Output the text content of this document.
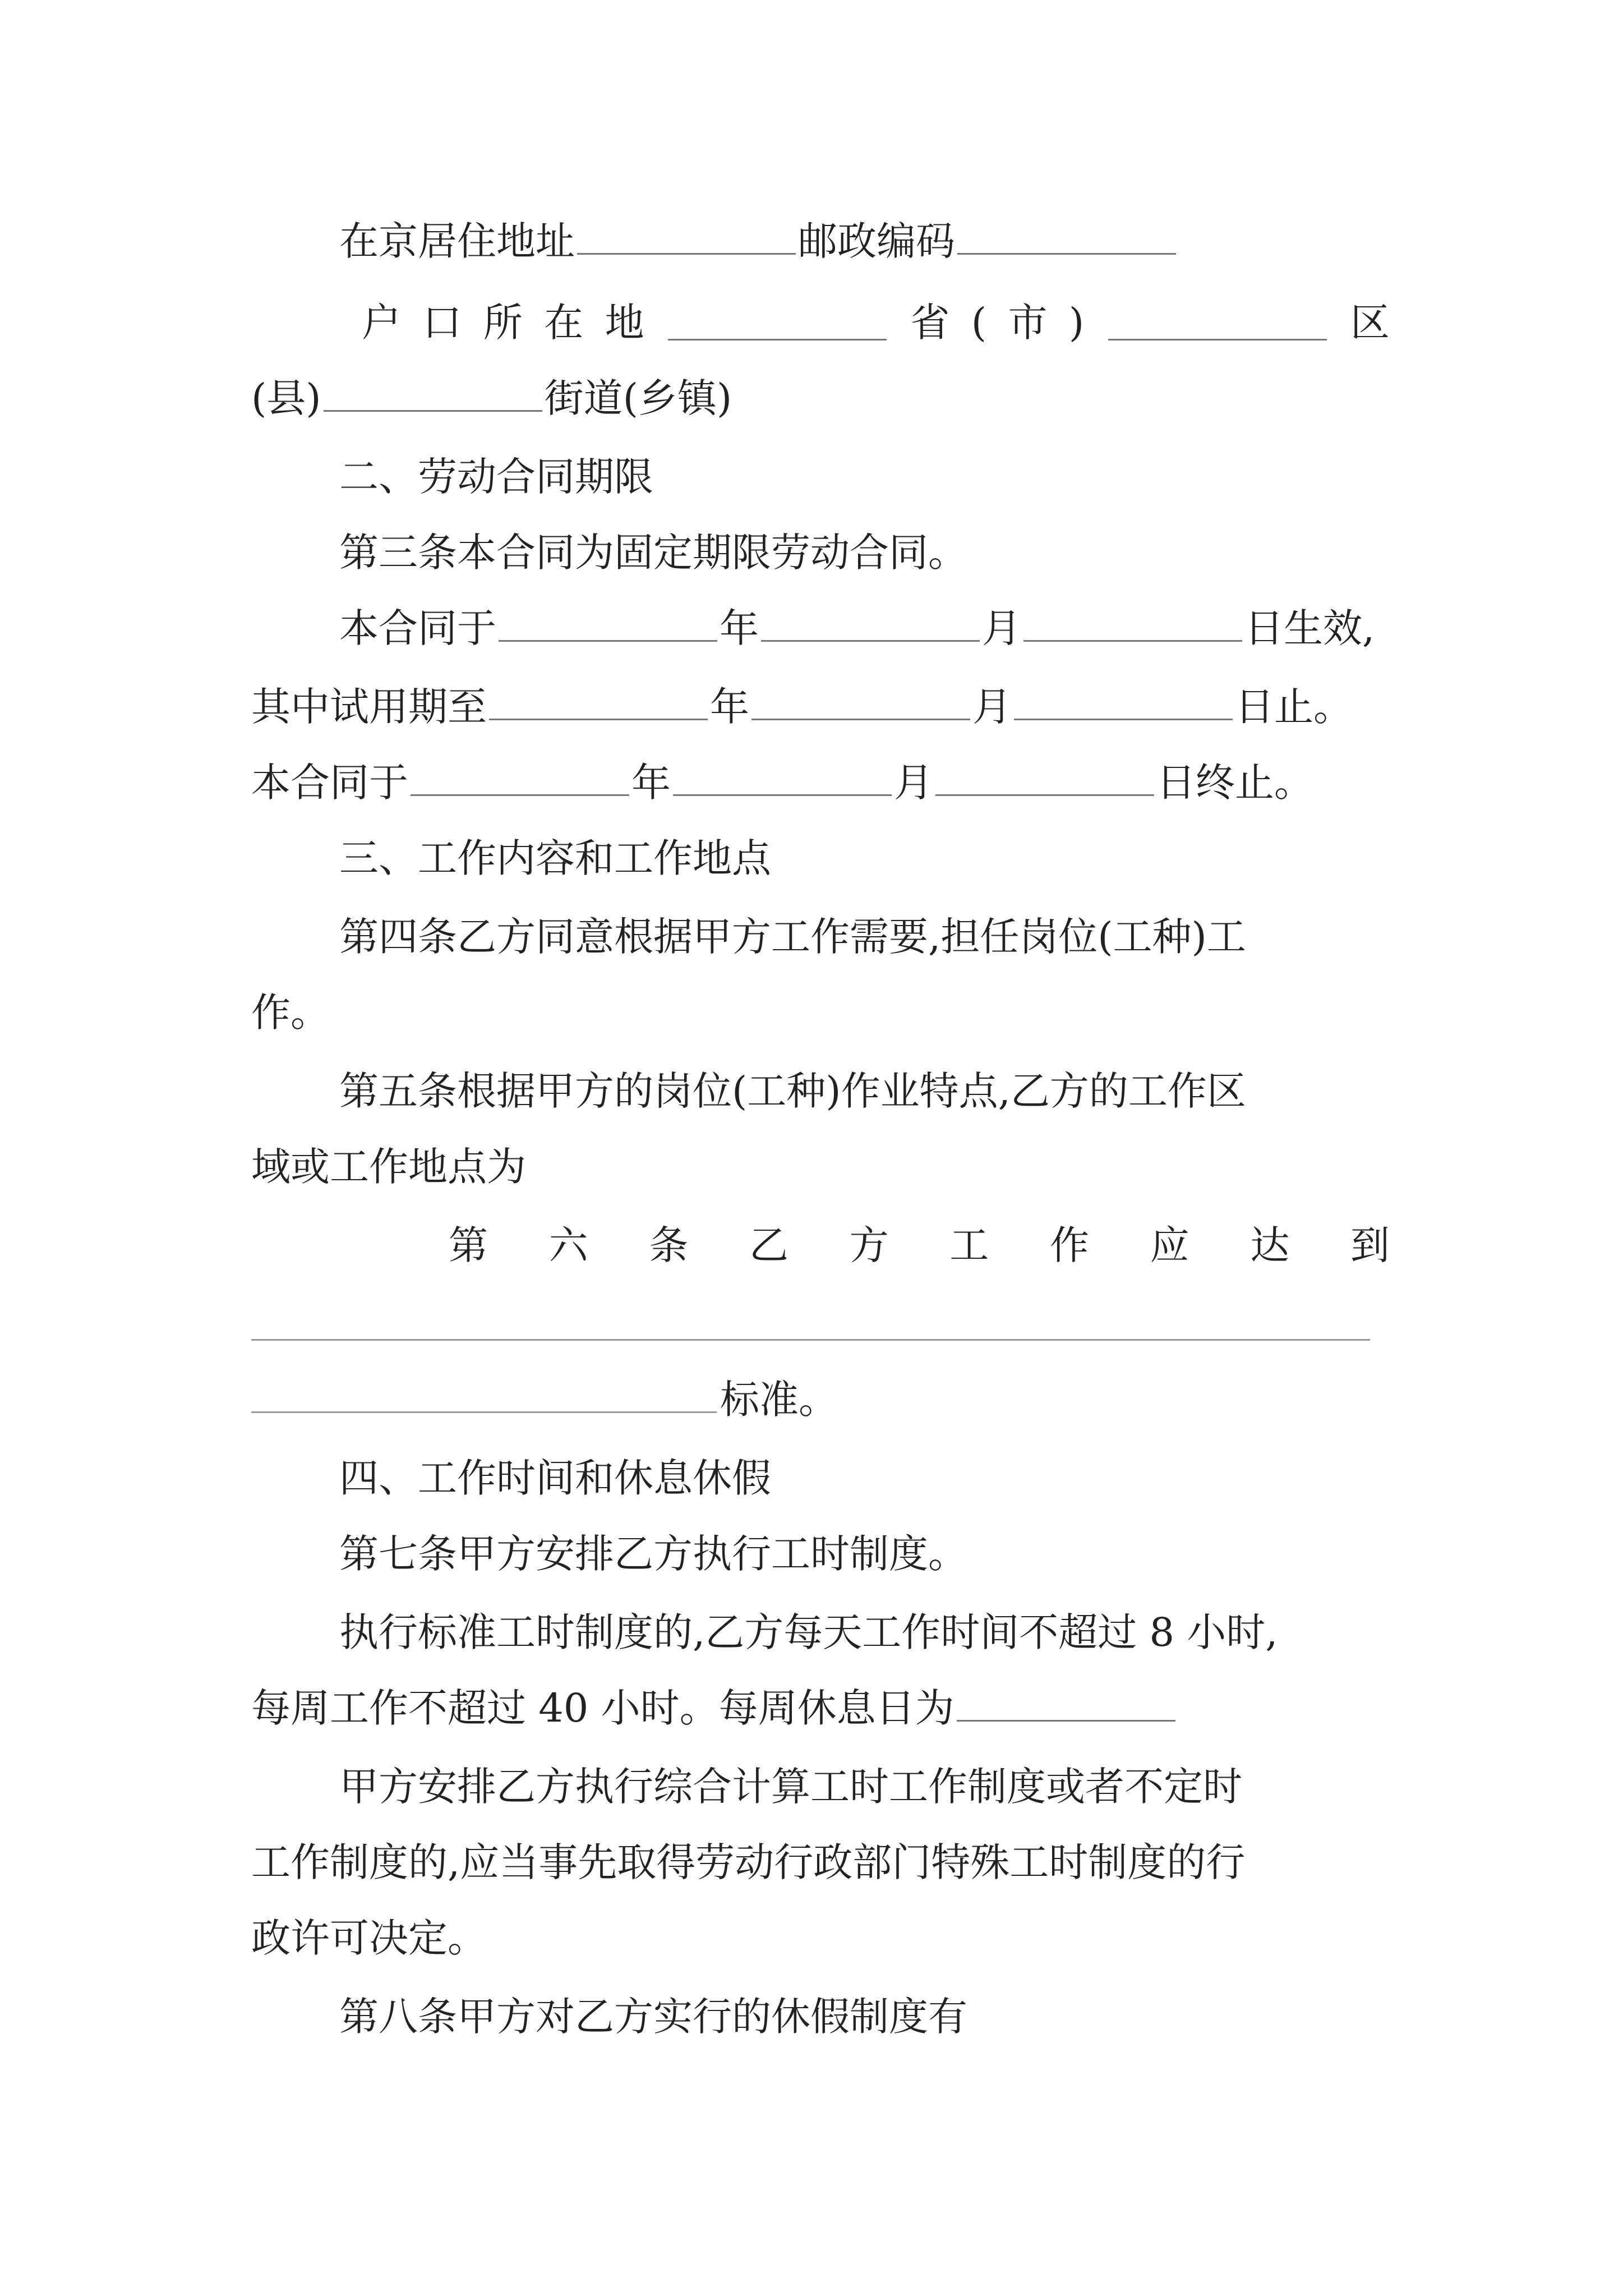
在京居住地址	邮政编码
户 口 所 在 地	省 ( 市 )	区
(县)	街道(乡镇)
二、劳动合同期限
第三条本合同为固定期限劳动合同。
本合同于	年	月	日生效,
其中试用期至	年	月	日止。
本合同于	年	月	日终止。
三、工作内容和工作地点
第四条乙方同意根据甲方工作需要,担任岗位(工种)工
作。
第五条根据甲方的岗位(工种)作业特点,乙方的工作区
域或工作地点为
第 六 条 乙 方 工 作 应 达 到
标准。
四、工作时间和休息休假
第七条甲方安排乙方执行工时制度。
执行标准工时制度的,乙方每天工作时间不超过 8 小时,
每周工作不超过 40 小时。每周休息日为
甲方安排乙方执行综合计算工时工作制度或者不定时
工作制度的,应当事先取得劳动行政部门特殊工时制度的行
政许可决定。
第八条甲方对乙方实行的休假制度有
